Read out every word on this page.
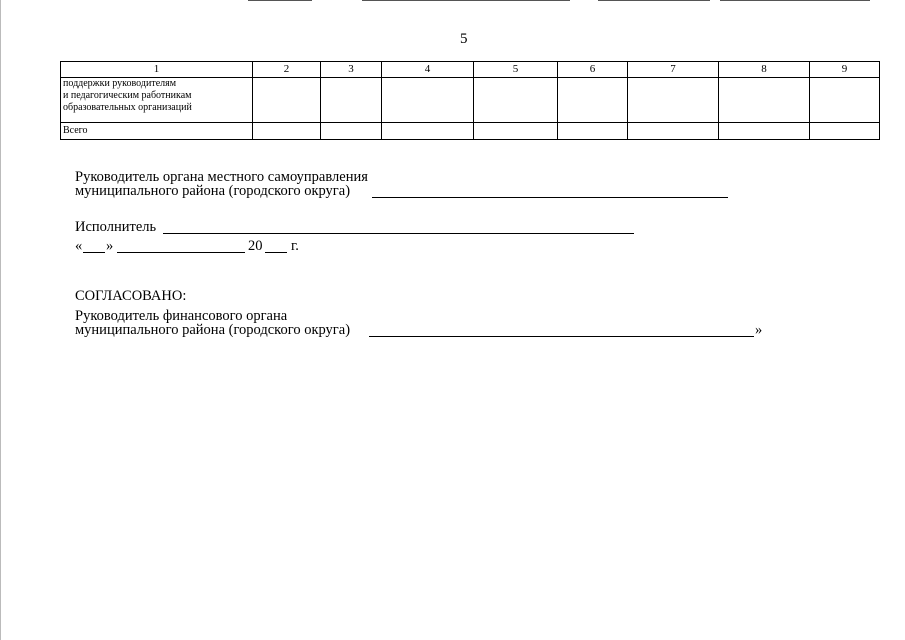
5
1	2	3	4	5	6	7	8	9

поддержки руководителям
и педагогическим работникам
образовательных организаций								

Всего								

Руководитель органа местного самоуправления
муниципального района (городского округа)
Исполнитель
« »	20 г.
СОГЛАСОВАНО:
Руководитель финансового органа
муниципального района (городского округа)	»
